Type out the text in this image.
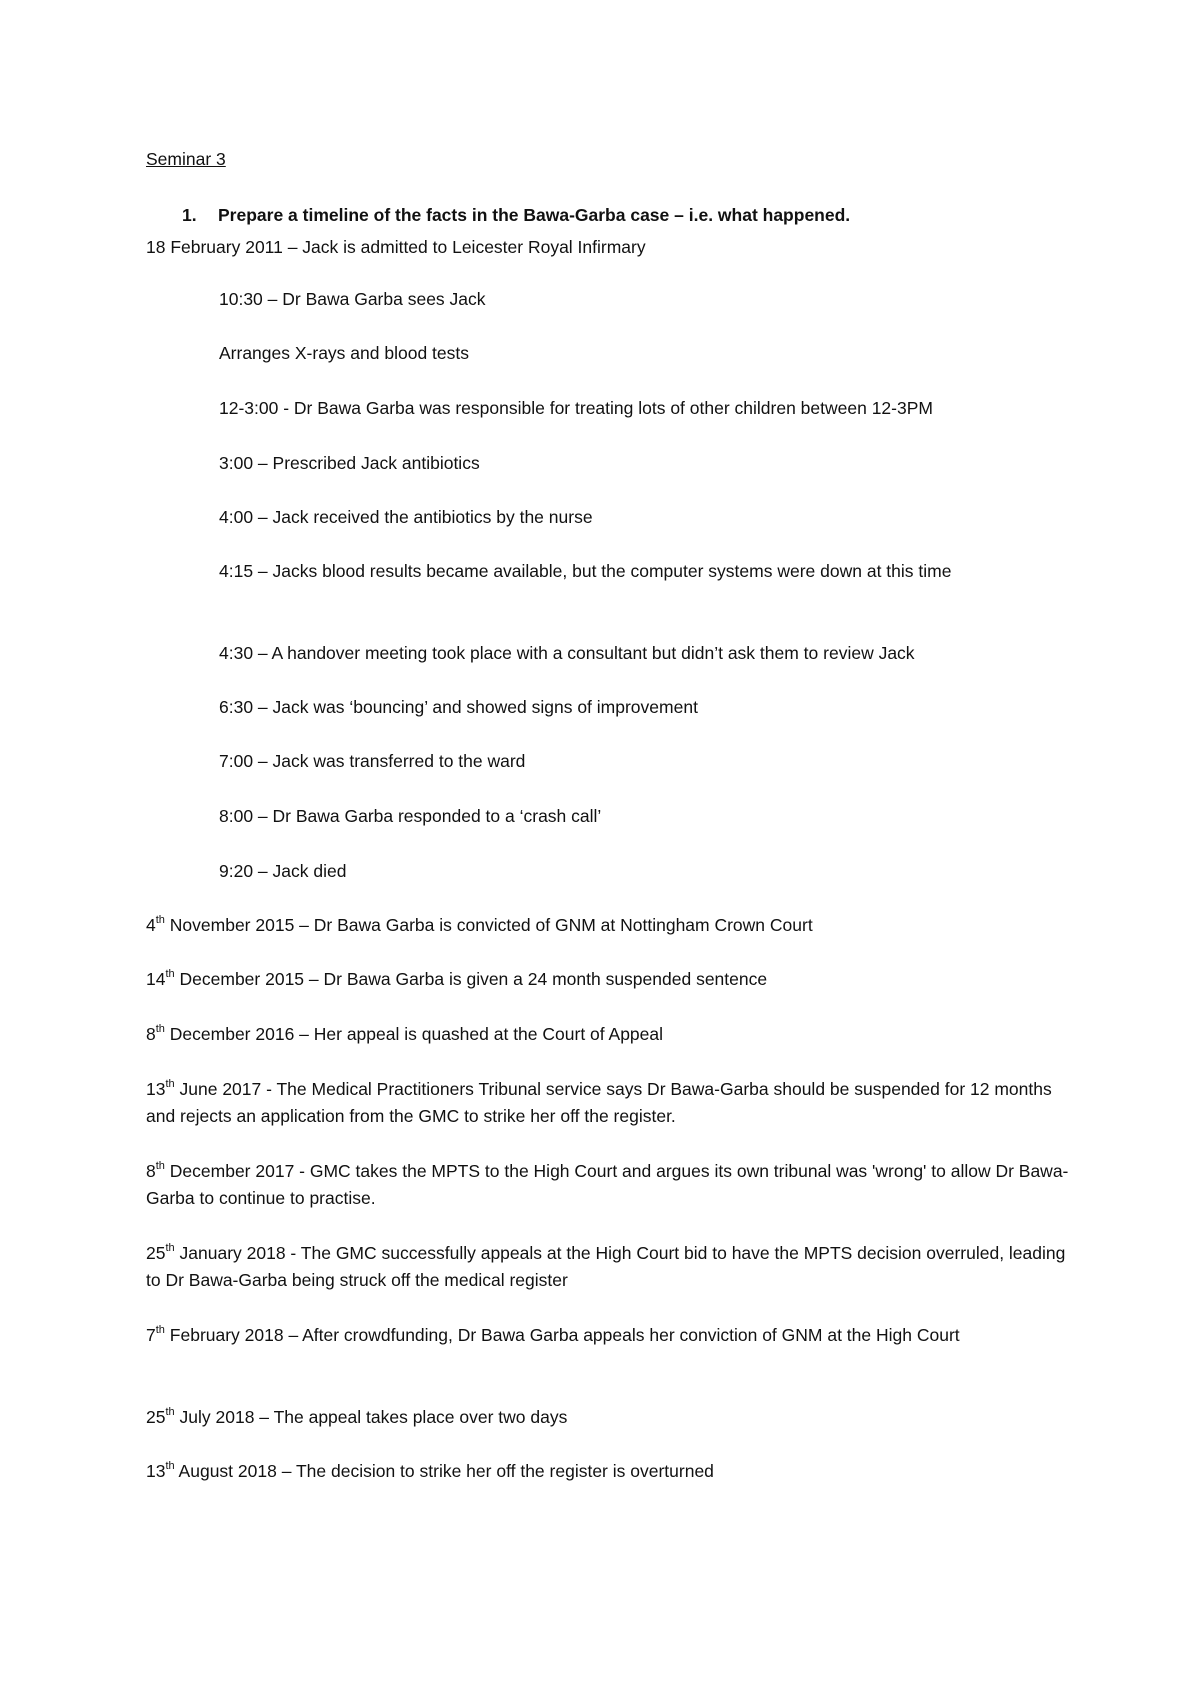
Seminar 3
1. Prepare a timeline of the facts in the Bawa-Garba case – i.e. what happened.
18 February 2011 – Jack is admitted to Leicester Royal Infirmary
10:30 – Dr Bawa Garba sees Jack
Arranges X-rays and blood tests
12-3:00 - Dr Bawa Garba was responsible for treating lots of other children between 12-3PM
3:00 – Prescribed Jack antibiotics
4:00 – Jack received the antibiotics by the nurse
4:15 – Jacks blood results became available, but the computer systems were down at this time
4:30 – A handover meeting took place with a consultant but didn’t ask them to review Jack
6:30 – Jack was ‘bouncing’ and showed signs of improvement
7:00 – Jack was transferred to the ward
8:00 – Dr Bawa Garba responded to a ‘crash call’
9:20 – Jack died
4th November 2015 – Dr Bawa Garba is convicted of GNM at Nottingham Crown Court
14th December 2015 – Dr Bawa Garba is given a 24 month suspended sentence
8th December 2016 – Her appeal is quashed at the Court of Appeal
13th June 2017 - The Medical Practitioners Tribunal service says Dr Bawa-Garba should be suspended for 12 months and rejects an application from the GMC to strike her off the register.
8th December 2017 - GMC takes the MPTS to the High Court and argues its own tribunal was 'wrong' to allow Dr Bawa-Garba to continue to practise.
25th January 2018 - The GMC successfully appeals at the High Court bid to have the MPTS decision overruled, leading to Dr Bawa-Garba being struck off the medical register
7th February 2018 – After crowdfunding, Dr Bawa Garba appeals her conviction of GNM at the High Court
25th July 2018 – The appeal takes place over two days
13th August 2018 – The decision to strike her off the register is overturned
